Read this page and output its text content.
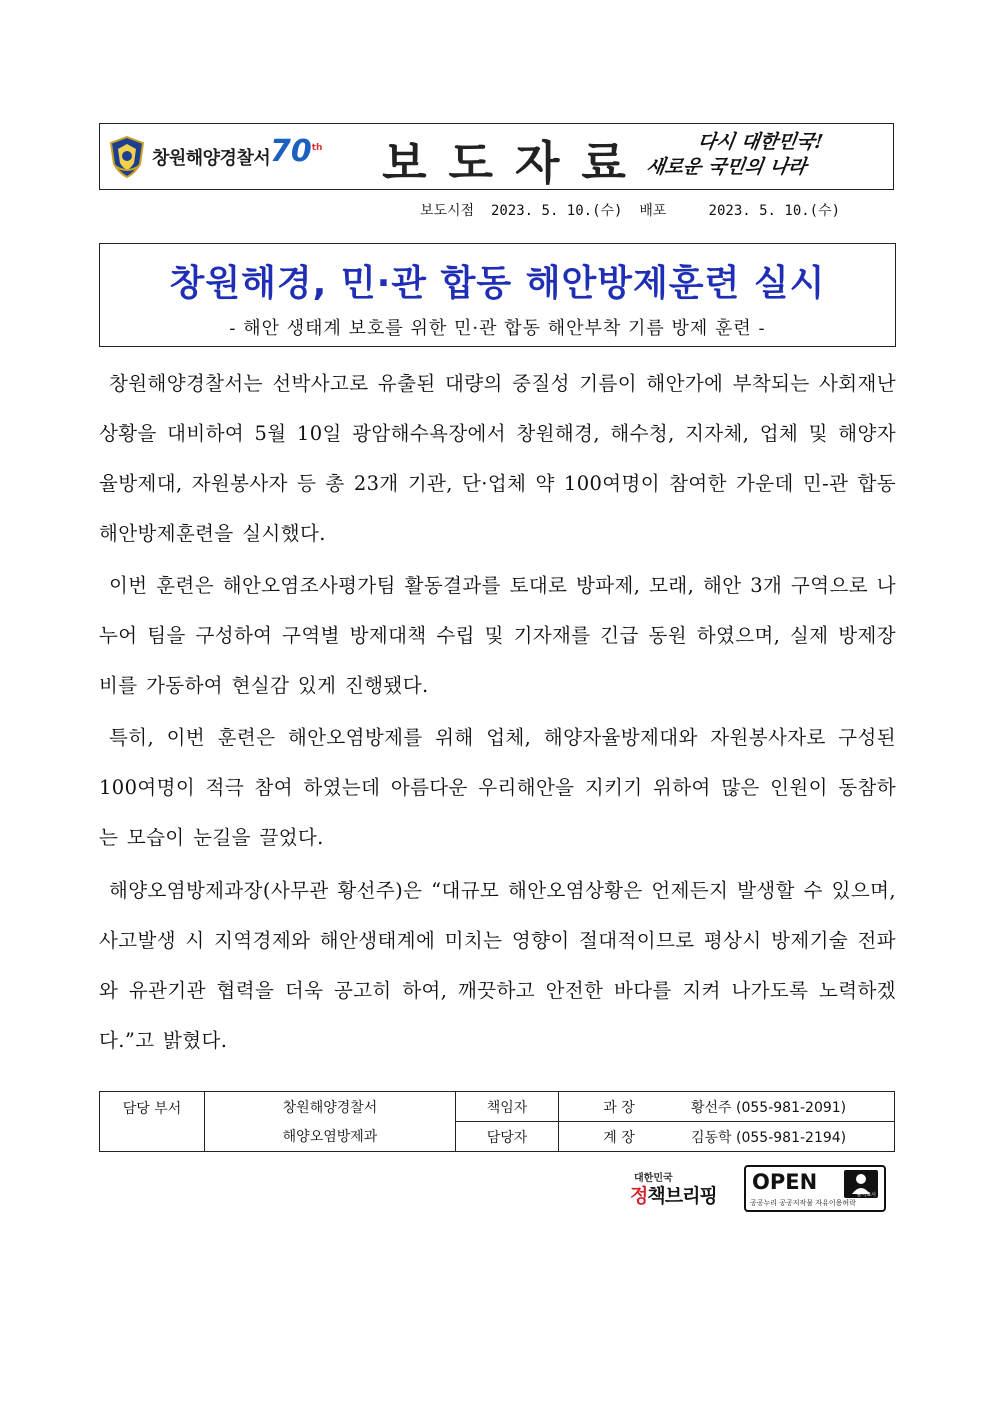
창원해양경찰서 70th	보도자료	다시 대한민국!
새로운 국민의 나라
보도시점  2023. 5. 10.(수)  배포     2023. 5. 10.(수)
창원해경, 민·관 합동 해안방제훈련 실시
- 해안 생태계 보호를 위한 민·관 합동 해안부착 기름 방제 훈련 -
창원해양경찰서는 선박사고로 유출된 대량의 중질성 기름이 해안가에 부착되는 사회재난상황을 대비하여 5월 10일 광암해수욕장에서 창원해경, 해수청, 지자체, 업체 및 해양자율방제대, 자원봉사자 등 총 23개 기관, 단·업체 약 100여명이 참여한 가운데 민-관 합동 해안방제훈련을 실시했다.
이번 훈련은 해안오염조사평가팀 활동결과를 토대로 방파제, 모래, 해안 3개 구역으로 나누어 팀을 구성하여 구역별 방제대책 수립 및 기자재를 긴급 동원 하였으며, 실제 방제장비를 가동하여 현실감 있게 진행됐다.
특히, 이번 훈련은 해안오염방제를 위해 업체, 해양자율방제대와 자원봉사자로 구성된 100여명이 적극 참여 하였는데 아름다운 우리해안을 지키기 위하여 많은 인원이 동참하는 모습이 눈길을 끌었다.
해양오염방제과장(사무관 황선주)은 “대규모 해안오염상황은 언제든지 발생할 수 있으며, 사고발생 시 지역경제와 해안생태계에 미치는 영향이 절대적이므로 평상시 방제기술 전파와 유관기관 협력을 더욱 공고히 하여, 깨끗하고 안전한 바다를 지켜 나가도록 노력하겠다.”고 밝혔다.
담당 부서	창원해양경찰서	책임자	과 장	황선주 (055-981-2091)
	해양오염방제과	담당자	계 장	김동학 (055-981-2194)
대한민국
정책브리핑
OPEN
출처표시
공공누리 공공저작물 자유이용허락
